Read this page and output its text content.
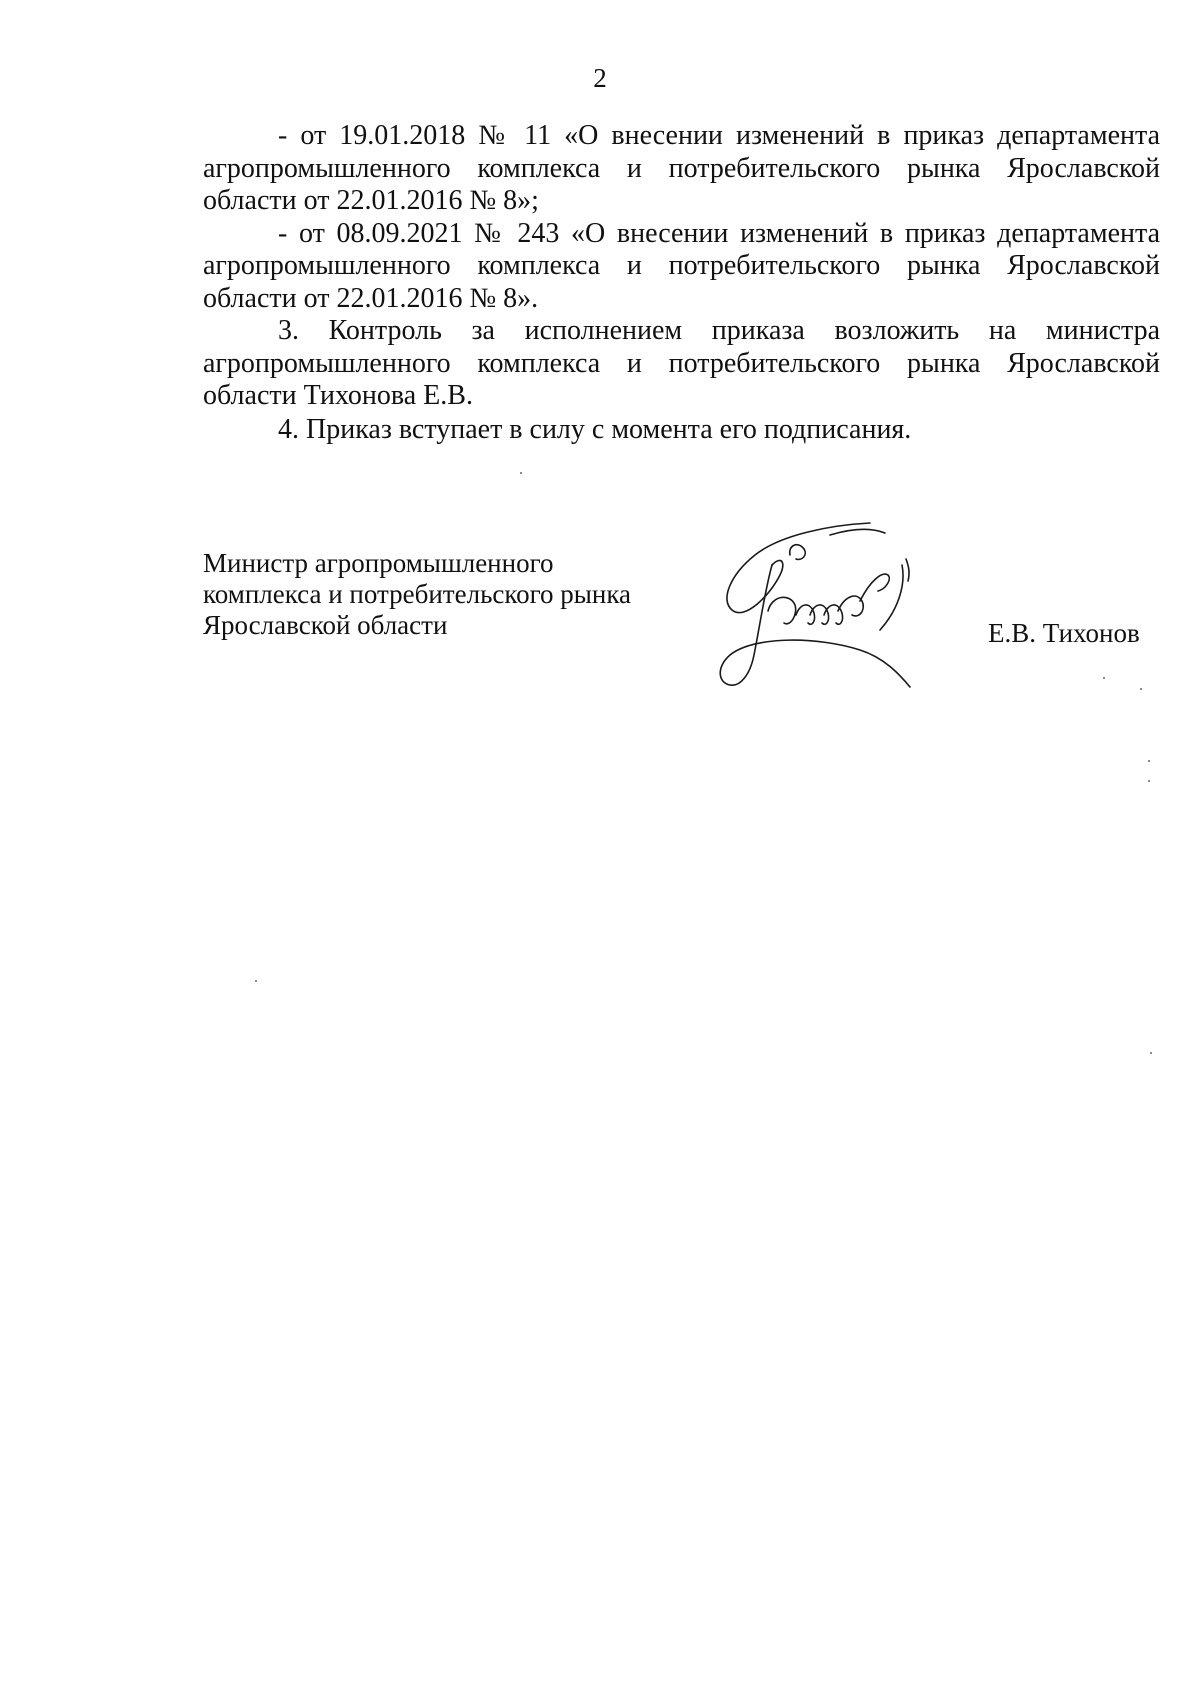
2

- от 19.01.2018 № 11 «О внесении изменений в приказ департамента агропромышленного комплекса и потребительского рынка Ярославской области от 22.01.2016 № 8»;

- от 08.09.2021 № 243 «О внесении изменений в приказ департамента агропромышленного комплекса и потребительского рынка Ярославской области от 22.01.2016 № 8».

3. Контроль за исполнением приказа возложить на министра агропромышленного комплекса и потребительского рынка Ярославской области Тихонова Е.В.

4. Приказ вступает в силу с момента его подписания.

Министр агропромышленного
комплекса и потребительского рынка
Ярославской области	Е.В. Тихонов
